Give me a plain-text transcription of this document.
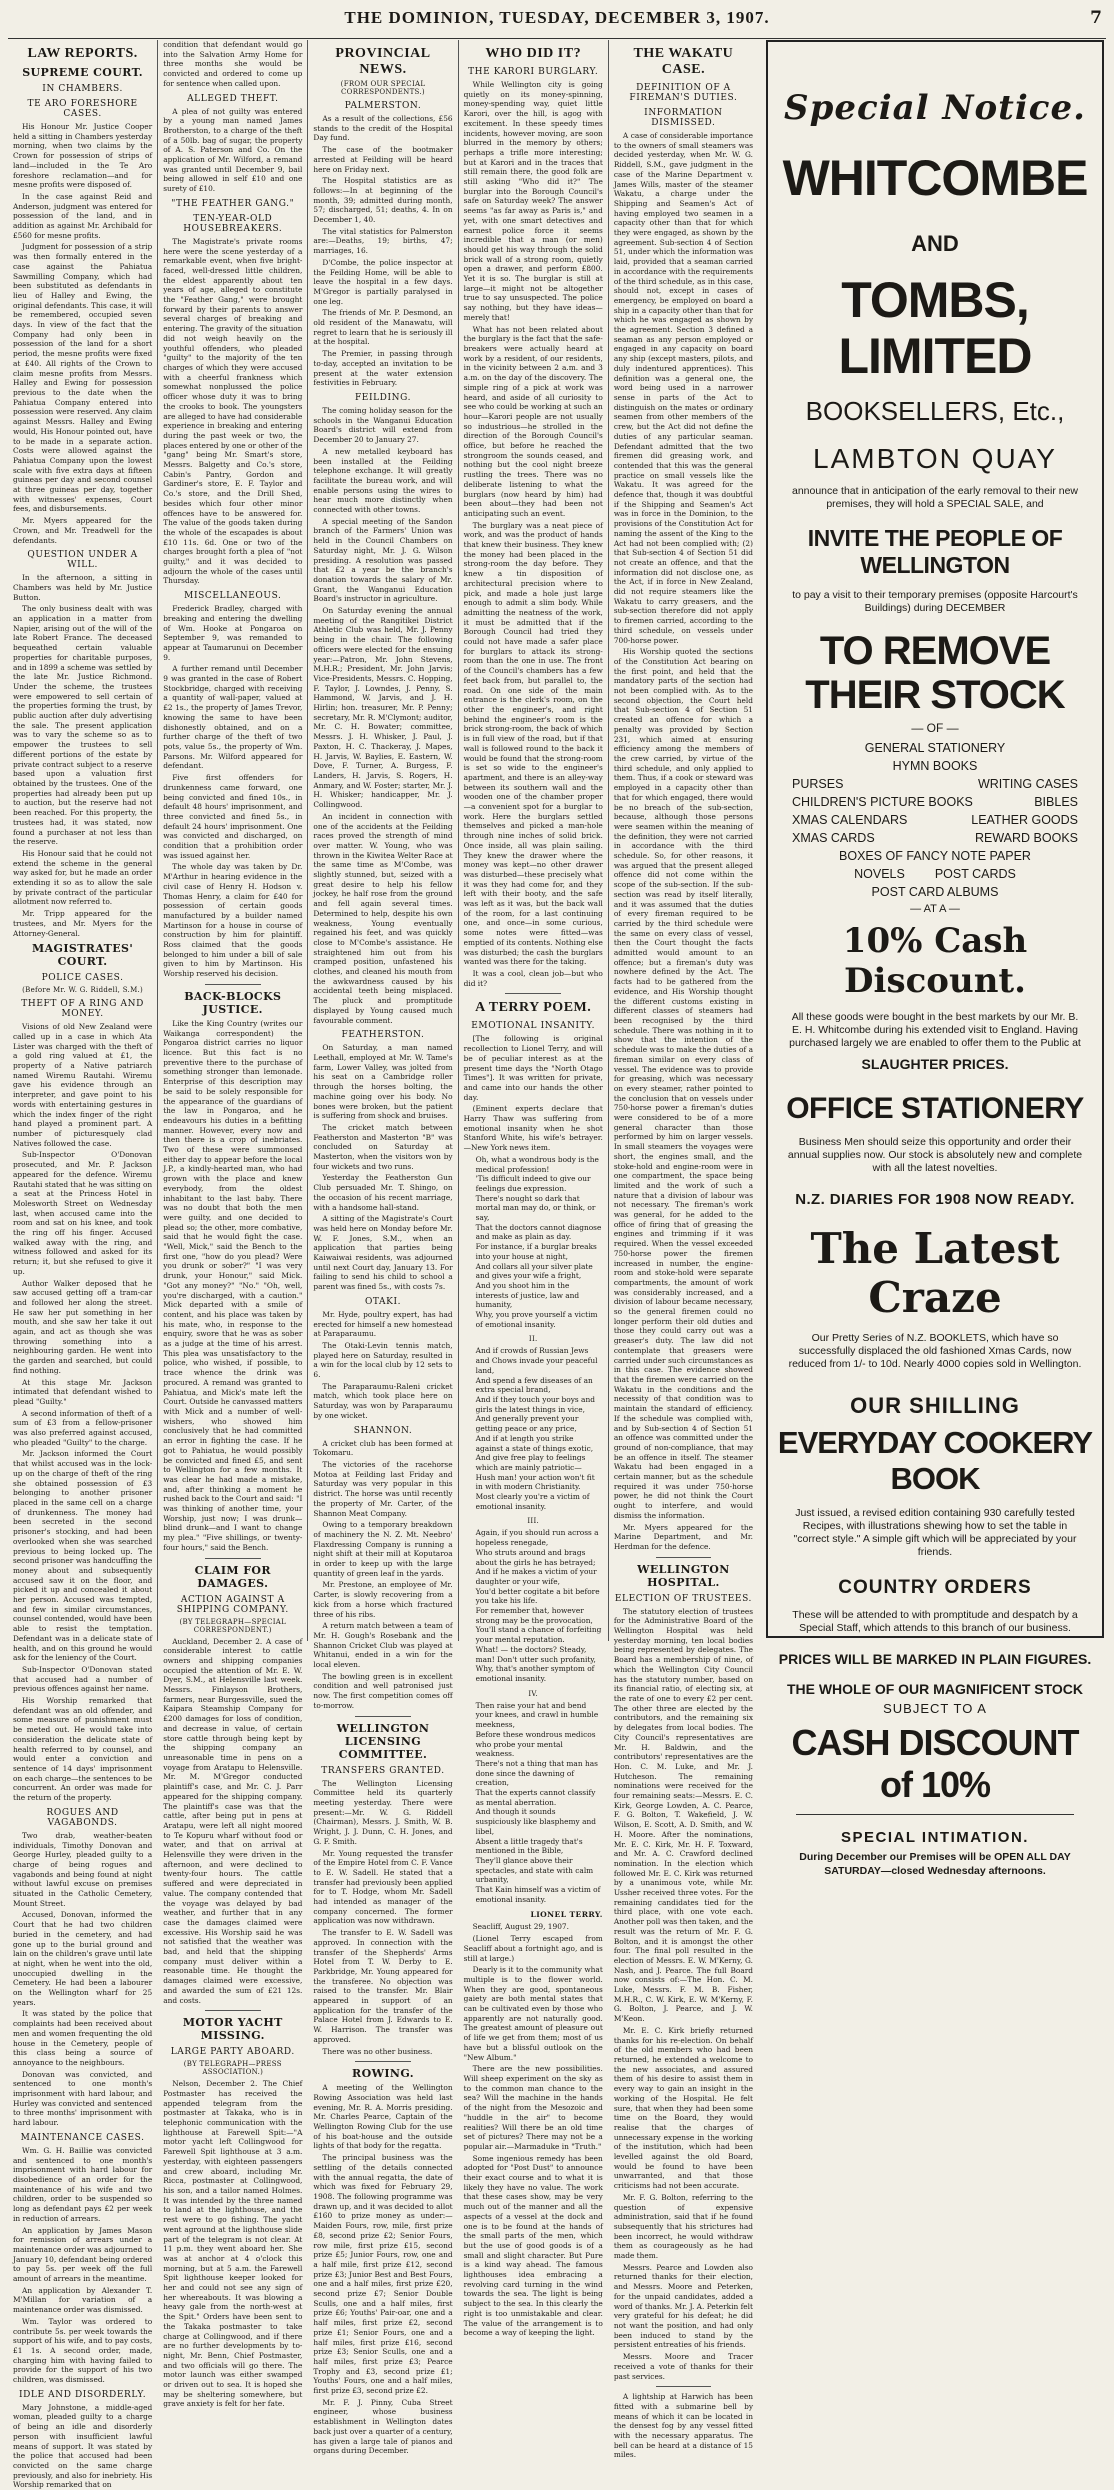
THE DOMINION, TUESDAY, DECEMBER 3, 1907.	7
LAW REPORTS.
SUPREME COURT.
IN CHAMBERS.
TE ARO FORESHORE CASES.

His Honour Mr. Justice Cooper held a sitting in Chambers yesterday morning, when two claims by the Crown for possession of strips of land—included in the Te Aro foreshore reclamation—and for mesne profits were disposed of.

In the case against Reid and Anderson, judgment was entered for possession of the land, and in addition as against Mr. Archibald for £560 for mesne profits.

Judgment for possession of a strip was then formally entered in the case against the Pahiatua Sawmilling Company, which had been substituted as defendants in lieu of Halley and Ewing, the original defendants. This case, it will be remembered, occupied seven days. In view of the fact that the Company had only been in possession of the land for a short period, the mesne profits were fixed at £40. All rights of the Crown to claim mesne profits from Messrs. Halley and Ewing for possession previous to the date when the Pahiatua Company entered into possession were reserved. Any claim against Messrs. Halley and Ewing would, His Honour pointed out, have to be made in a separate action. Costs were allowed against the Pahiatua Company upon the lowest scale with five extra days at fifteen guineas per day and second counsel at three guineas per day, together with witnesses' expenses, Court fees, and disbursements.

Mr. Myers appeared for the Crown, and Mr. Treadwell for the defendants.

QUESTION UNDER A WILL.

In the afternoon, a sitting in Chambers was held by Mr. Justice Button.

The only business dealt with was an application in a matter from Napier, arising out of the will of the late Robert France. The deceased bequeathed certain valuable properties for charitable purposes, and in 1899 a scheme was settled by the late Mr. Justice Richmond. Under the scheme, the trustees were empowered to sell certain of the properties forming the trust, by public auction after duly advertising the sale. The present application was to vary the scheme so as to empower the trustees to sell different portions of the estate by private contract subject to a reserve based upon a valuation first obtained by the trustees. One of the properties had already been put up to auction, but the reserve had not been reached. For this property, the trustees had, it was stated, now found a purchaser at not less than the reserve.

His Honour said that he could not extend the scheme in the general way asked for, but he made an order extending it so as to allow the sale by private contract of the particular allotment now referred to.

Mr. Tripp appeared for the trustees, and Mr. Myers for the Attorney-General.

MAGISTRATES' COURT.
POLICE CASES.
(Before Mr. W. G. Riddell, S.M.)
THEFT OF A RING AND MONEY.

Visions of old New Zealand were called up in a case in which Ata Lister was charged with the theft of a gold ring valued at £1, the property of a Native patriarch named Wiremu Rautahi. Wiremu gave his evidence through an interpreter, and gave point to his words with entertaining gestures in which the index finger of the right hand played a prominent part. A number of picturesquely clad Natives followed the case.

Sub-Inspector O'Donovan prosecuted, and Mr. P. Jackson appeared for the defence. Wiremu Rautahi stated that he was sitting on a seat at the Princess Hotel in Molesworth Street on Wednesday last, when accused came into the room and sat on his knee, and took the ring off his finger. Accused walked away with the ring, and witness followed and asked for its return; it, but she refused to give it up.

Author Walker deposed that he saw accused getting off a tram-car and followed her along the street. He saw her put something in her mouth, and she saw her take it out again, and act as though she was throwing something into a neighbouring garden. He went into the garden and searched, but could find nothing.

At this stage Mr. Jackson intimated that defendant wished to plead "Guilty."

A second information of theft of a sum of £3 from a fellow-prisoner was also preferred against accused, who pleaded "Guilty" to the charge.

Mr. Jackson informed the Court that whilst accused was in the lock-up on the charge of theft of the ring she obtained possession of £3 belonging to another prisoner placed in the same cell on a charge of drunkenness. The money had been secreted in the second prisoner's stocking, and had been overlooked when she was searched previous to being locked up. The second prisoner was handcuffing the money about and subsequently accused saw it on the floor, and picked it up and concealed it about her person. Accused was tempted, and few in similar circumstances, counsel contended, would have been able to resist the temptation. Defendant was in a delicate state of health, and on this ground he would ask for the leniency of the Court.

Sub-Inspector O'Donovan stated that accused had a number of previous offences against her name.

His Worship remarked that defendant was an old offender, and some measure of punishment must be meted out. He would take into consideration the delicate state of health referred to by counsel, and would enter a conviction and sentence of 14 days' imprisonment on each charge—the sentences to be concurrent. An order was made for the return of the property.

ROGUES AND VAGABONDS.

Two drab, weather-beaten individuals, Timothy Donovan and George Hurley, pleaded guilty to a charge of being rogues and vagabonds and being found at night without lawful excuse on premises situated in the Catholic Cemetery, Mount Street.

Accused, Donovan, informed the Court that he had two children buried in the cemetery, and had gone up to the burial ground and lain on the children's grave until late at night, when he went into the old, unoccupied dwelling in the Cemetery. He had been a labourer on the Wellington wharf for 25 years.

It was stated by the police that complaints had been received about men and women frequenting the old house in the Cemetery, people of this class being a source of annoyance to the neighbours.

Donovan was convicted, and sentenced to one month's imprisonment with hard labour, and Hurley was convicted and sentenced to three months' imprisonment with hard labour.

MAINTENANCE CASES.

Wm. G. H. Baillie was convicted and sentenced to one month's imprisonment with hard labour for disobedience of an order for the maintenance of his wife and two children, order to be suspended so long as defendant pays £2 per week in reduction of arrears.

An application by James Mason for remission of arrears under a maintenance order was adjourned to January 10, defendant being ordered to pay 5s. per week off the full amount of arrears in the meantime.

An application by Alexander T. M'Millan for variation of a maintenance order was dismissed.

Wm. Taylor was ordered to contribute 5s. per week towards the support of his wife, and to pay costs, £1 1s. A second order, made, charging him with having failed to provide for the support of his two children, was dismissed.

IDLE AND DISORDERLY.

Mary Johnstone, a middle-aged woman, pleaded guilty to a charge of being an idle and disorderly person with insufficient lawful means of support. It was stated by the police that accused had been convicted on the same charge previously, and also for inebriety. His Worship remarked that on

condition that defendant would go into the Salvation Army Home for three months she would be convicted and ordered to come up for sentence when called upon.

ALLEGED THEFT.

A plea of not guilty was entered by a young man named James Brotherston, to a charge of the theft of a 50lb. bag of sugar, the property of A. S. Paterson and Co. On the application of Mr. Wilford, a remand was granted until December 9, bail being allowed in self £10 and one surety of £10.

"THE FEATHER GANG."
TEN-YEAR-OLD HOUSEBREAKERS.

The Magistrate's private rooms here were the scene yesterday of a remarkable event, when five bright-faced, well-dressed little children, the eldest apparently about ten years of age, alleged to constitute the "Feather Gang," were brought forward by their parents to answer several charges of breaking and entering. The gravity of the situation did not weigh heavily on the youthful offenders, who pleaded "guilty" to the majority of the ten charges of which they were accused with a cheerful frankness which somewhat nonplussed the police officer whose duty it was to bring the crooks to book. The youngsters are alleged to have had considerable experience in breaking and entering during the past week or two, the places entered by one or other of the "gang" being Mr. Smart's store, Messrs. Balgetty and Co.'s store, Cabin's Pantry, Gordon and Gardiner's store, E. F. Taylor and Co.'s store, and the Drill Shed, besides which four other minor offences have to be answered for. The value of the goods taken during the whole of the escapades is about £10 11s. 6d. One or two of the charges brought forth a plea of "not guilty," and it was decided to adjourn the whole of the cases until Thursday.

MISCELLANEOUS.

Frederick Bradley, charged with breaking and entering the dwelling of Wm. Hooke at Pongaroa on September 9, was remanded to appear at Taumarunui on December 9.

A further remand until December 9 was granted in the case of Robert Stockbridge, charged with receiving a quantity of wall-paper, valued at £2 1s., the property of James Trevor, knowing the same to have been dishonestly obtained, and on a further charge of the theft of two pots, value 5s., the property of Wm. Parsons. Mr. Wilford appeared for defendant.

Five first offenders for drunkenness came forward, one being convicted and fined 10s., in default 48 hours' imprisonment, and three convicted and fined 5s., in default 24 hours' imprisonment. One was convicted and discharged, on condition that a prohibition order was issued against her.

The whole day was taken by Dr. M'Arthur in hearing evidence in the civil case of Henry H. Hodson v. Thomas Henry, a claim for £40 for possession of certain goods manufactured by a builder named Martinson for a house in course of construction by him for plaintiff. Ross claimed that the goods belonged to him under a bill of sale given to him by Martinson. His Worship reserved his decision.

BACK-BLOCKS JUSTICE.

Like the King Country (writes our Waikanga correspondent) the Pongaroa district carries no liquor licence. But this fact is no preventive there to the purchase of something stronger than lemonade. Enterprise of this description may be said to be solely responsible for the appearance of the guardians of the law in Pongaroa, and he endeavours his duties in a befitting manner. However, every now and then there is a crop of inebriates. Two of these were summonsed either day to appear before the local J.P., a kindly-hearted man, who had grown with the place and knew everybody, from the oldest inhabitant to the last baby. There was no doubt that both the men were guilty, and one decided to plead so; the other, more combative, said that he would fight the case. "Well, Mick," said the Bench to the first one, "how do you plead? Were you drunk or sober?" "I was very drunk, your Honour," said Mick. "Got any money?" "No." "Oh, well, you're discharged, with a caution." Mick departed with a smile of content, and his place was taken by his mate, who, in response to the enquiry, swore that he was as sober as a judge at the time of his arrest. This plea was unsatisfactory to the police, who wished, if possible, to trace whence the drink was procured. A remand was granted to Pahiatua, and Mick's mate left the Court. Outside he canvassed matters with Mick and a number of well-wishers, who showed him conclusively that he had committed an error in fighting the case. If he got to Pahiatua, he would possibly be convicted and fined £5, and sent to Wellington for a few months. It was clear he had made a mistake, and, after thinking a moment he rushed back to the Court and said: "I was thinking of another time, your Worship, just now; I was drunk—blind drunk—and I want to change my plea." "Five shillings, or twenty-four hours," said the Bench.

CLAIM FOR DAMAGES.
ACTION AGAINST A SHIPPING COMPANY.
(BY TELEGRAPH—SPECIAL CORRESPONDENT.)

Auckland, December 2. A case of considerable interest to cattle owners and shipping companies occupied the attention of Mr. E. W. Dyer, S.M., at Helensville last week. Messrs. Finlayson Brothers, farmers, near Burgessville, sued the Kaipara Steamship Company for £200 damages for loss of condition, and decrease in value, of certain store cattle through being kept by the shipping company an unreasonable time in pens on a voyage from Aratapu to Helensville. Mr. M. M'Gregor conducted plaintiff's case, and Mr. C. J. Parr appeared for the shipping company. The plaintiff's case was that the cattle, after being put in pens at Aratapu, were left all night moored to Te Kopuru wharf without food or water, and that on arrival at Helensville they were driven in the afternoon, and were declined to twenty-four hours. The cattle suffered and were depreciated in value. The company contended that the voyage was delayed by bad weather, and further that in any case the damages claimed were excessive. His Worship said he was not satisfied that the weather was bad, and held that the shipping company must deliver within a reasonable time. He thought the damages claimed were excessive, and awarded the sum of £21 12s. and costs.

MOTOR YACHT MISSING.
LARGE PARTY ABOARD.
(BY TELEGRAPH—PRESS ASSOCIATION.)

Nelson, December 2. The Chief Postmaster has received the appended telegram from the postmaster at Takaka, who is in telephonic communication with the lighthouse at Farewell Spit:—"A motor yacht left Collingwood for Farewell Spit lighthouse at 3 a.m. yesterday, with eighteen passengers and crew aboard, including Mr. Ricca, postmaster at Collingwood, his son, and a tailor named Holmes. It was intended by the three named to land at the lighthouse, and the rest were to go fishing. The yacht went aground at the lighthouse slide part of the telegram is not clear. At 11 p.m. they went aboard her. She was at anchor at 4 o'clock this morning, but at 5 a.m. the Farewell Spit lighthouse keeper looked for her and could not see any sign of her whereabouts. It was blowing a heavy gale from the north-west at the Spit." Orders have been sent to the Takaka postmaster to take charge at Collingwood, and if there are no further developments by to-night, Mr. Benn, Chief Postmaster, and two officials will go there. The motor launch was either swamped or driven out to sea. It is hoped she may be sheltering somewhere, but grave anxiety is felt for her fate.

PROVINCIAL NEWS.
(FROM OUR SPECIAL CORRESPONDENTS.)
PALMERSTON.

As a result of the collections, £56 stands to the credit of the Hospital Day fund.

The case of the bootmaker arrested at Feilding will be heard here on Friday next.

The Hospital statistics are as follows:—In at beginning of the month, 39; admitted during month, 57; discharged, 51; deaths, 4. In on December 1, 40.

The vital statistics for Palmerston are:—Deaths, 19; births, 47; marriages, 16.

D'Combe, the police inspector at the Feilding Home, will be able to leave the hospital in a few days. M'Gregor is partially paralysed in one leg.

The friends of Mr. P. Desmond, an old resident of the Manawatu, will regret to learn that he is seriously ill at the hospital.

The Premier, in passing through to-day, accepted an invitation to be present at the water extension festivities in February.

FEILDING.

The coming holiday season for the schools in the Wanganui Education Board's district will extend from December 20 to January 27.

A new metalled keyboard has been installed at the Feilding telephone exchange. It will greatly facilitate the bureau work, and will enable persons using the wires to hear much more distinctly when connected with other towns.

A special meeting of the Sandon branch of the Farmers' Union was held in the Council Chambers on Saturday night, Mr. J. G. Wilson presiding. A resolution was passed that £2 a year be the branch's donation towards the salary of Mr. Grant, the Wanganui Education Board's instructor in agriculture.

On Saturday evening the annual meeting of the Rangitikei District Athletic Club was held, Mr. J. Penny being in the chair. The following officers were elected for the ensuing year:—Patron, Mr. John Stevens, M.H.R.; President, Mr. John Jarvis; Vice-Presidents, Messrs. C. Hopping, F. Taylor, J. Lowndes, J. Penny, S. Hammond, W. Jarvis, and J. H. Hirlin; hon. treasurer, Mr. P. Penny; secretary, Mr. R. M'Clymont; auditor, Mr. C. H. Bowater; committee, Messrs. J. H. Whisker, J. Paul, J. Paxton, H. C. Thackeray, J. Mapes, H. Jarvis, W. Baylies, E. Eastern, W. Dove, F. Turner, A. Burgess, F. Landers, H. Jarvis, S. Rogers, H. Anmary, and W. Foster; starter, Mr. J. H. Whisker; handicapper, Mr. J. Collingwood.

An incident in connection with one of the accidents at the Feilding races proved the strength of mind over matter. W. Young, who was thrown in the Kiwitea Welter Race at the same time as M'Combe, was slightly stunned, but, seized with a great desire to help his fellow jockey, he half rose from the ground and fell again several times. Determined to help, despite his own weakness, Young eventually regained his feet, and was quickly close to M'Combe's assistance. He straightened him out from his cramped position, unfastened his clothes, and cleaned his mouth from the awkwardness caused by his accidental teeth being misplaced. The pluck and promptitude displayed by Young caused much favourable comment.

FEATHERSTON.

On Saturday, a man named Leethall, employed at Mr. W. Tame's farm, Lower Valley, was jolted from his seat on a Cambridge roller through the horses bolting, the machine going over his body. No bones were broken, but the patient is suffering from shock and bruises.

The cricket match between Featherston and Masterton "B" was concluded on Saturday at Masterton, when the visitors won by four wickets and two runs.

Yesterday the Featherston Gun Club persuaded Mr. T. Shingo, on the occasion of his recent marriage, with a handsome hall-stand.

A sitting of the Magistrate's Court was held here on Monday before Mr. W. F. Jones, S.M., when an application that parties being Kaiwaiwai residents, was adjourned until next Court day, January 13. For failing to send his child to school a parent was fined 5s., with costs 7s.

OTAKI.

Mr. Hyde, poultry expert, has had erected for himself a new homestead at Paraparaumu.

The Otaki-Levin tennis match, played here on Saturday, resulted in a win for the local club by 12 sets to 6.

The Paraparaumu-Raleni cricket match, which took place here on Saturday, was won by Paraparaumu by one wicket.

SHANNON.

A cricket club has been formed at Tokomaru.

The victories of the racehorse Motoa at Feilding last Friday and Saturday was very popular in this district. The horse was until recently the property of Mr. Carter, of the Shannon Meat Company.

Owing to a temporary breakdown of machinery the N. Z. Mt. Neebro' Flaxdressing Company is running a night shift at their mill at Koputaroa in order to keep up with the large quantity of green leaf in the yards.

Mr. Prestone, an employee of Mr. Carter, is slowly recovering from a kick from a horse which fractured three of his ribs.

A return match between a team of Mr. H. Gough's Rosebank and the Shannon Cricket Club was played at Whitanui, ended in a win for the local eleven.

The bowling green is in excellent condition and well patronised just now. The first competition comes off to-morrow.

WELLINGTON LICENSING COMMITTEE.
TRANSFERS GRANTED.

The Wellington Licensing Committee held its quarterly meeting yesterday. There were present:—Mr. W. G. Riddell (Chairman), Messrs. J. Smith, W. B. Wright, J. J. Dunn, C. H. Jones, and G. F. Smith.

Mr. Young requested the transfer of the Empire Hotel from C. F. Vance to E. W. Sadell. He stated that a transfer had previously been applied for to T. Hodge, whom Mr. Sadell had intended as manager of the company concerned. The former application was now withdrawn.

The transfer to E. W. Sadell was approved. In connection with the transfer of the Shepherds' Arms Hotel from T. W. Derby to E. Parkbridge, Mr. Young appeared for the transferee. No objection was raised to the transfer. Mr. Blair appeared in support of an application for the transfer of the Palace Hotel from J. Edwards to E. W. Harrison. The transfer was approved.

There was no other business.

ROWING.

A meeting of the Wellington Rowing Association was held last evening, Mr. R. A. Morris presiding. Mr. Charles Pearce, Captain of the Wellington Rowing Club for the use of his boat-house and the outside lights of that body for the regatta.

The principal business was the settling of the details connected with the annual regatta, the date of which was fixed for February 29, 1908. The following programme was drawn up, and it was decided to allot £160 to prize money as under:—Maiden Fours, row, mile, first prize £8, second prize £2; Senior Fours, row mile, first prize £15, second prize £5; Junior Fours, row, one and a half mile, first prize £12, second prize £3; Junior Best and Best Fours, one and a half miles, first prize £20, second prize £7; Senior Double Sculls, one and a half miles, first prize £6; Youths' Pair-oar, one and a half miles, first prize £2, second prize £1; Senior Fours, one and a half miles, first prize £16, second prize £3; Senior Sculls, one and a half miles, first prize £3; Pearce Trophy and £3, second prize £1; Youths' Fours, one and a half miles, first prize £3, second prize £2.

Mr. F. J. Pinny, Cuba Street engineer, whose business establishment in Wellington dates back just over a quarter of a century, has given a large tale of pianos and organs during December.

WHO DID IT?
THE KARORI BURGLARY.

While Wellington city is going quietly on its money-spinning, money-spending way, quiet little Karori, over the hill, is agog with excitement. In these speedy times incidents, however moving, are soon blurred in the memory by others; perhaps a trifle more interesting; but at Karori and in the traces that still remain there, the good folk are still asking "Who did it?" The burglar into the Borough Council's safe on Saturday week? The answer seems "as far away as Paris is," and yet, with one smart detectives and earnest police force it seems incredible that a man (or men) should get his way through the solid brick wall of a strong room, quietly open a drawer, and perform £800. Yet it is so. The burglar is still at large—it might not be altogether true to say unsuspected. The police say nothing, but they have ideas—merely that!

What has not been related about the burglary is the fact that the safe-breakers were actually heard at work by a resident, of our residents, in the vicinity between 2 a.m. and 3 a.m. on the day of the discovery. The simple ring of a pick at work was heard, and aside of all curiosity to see who could be working at such an hour—Karori people are not usually so industrious—he strolled in the direction of the Borough Council's office, but before he reached the strongroom the sounds ceased, and nothing but the cool night breeze rustling the trees. There was no deliberate listening to what the burglars (now heard by him) had been about—they had been not anticipating such an event.

The burglary was a neat piece of work, and was the product of hands that knew their business. They knew the money had been placed in the strong-room the day before. They knew a tin disposition of architectural precision where to pick, and made a hole just large enough to admit a slim body. While admitting the neatness of the work, it must be admitted that if the Borough Council had tried they could not have made a safer place for burglars to attack its strong-room than the one in use. The front of the Council's chambers has a few feet back from, but parallel to, the road. On one side of the main entrance is the clerk's room, on the other the engineer's, and right behind the engineer's room is the brick strong-room, the back of which is in full view of the road, but if that wall is followed round to the back it would be found that the strong-room is set so wide to the engineer's apartment, and there is an alley-way between its southern wall and the wooden one of the chamber proper—a convenient spot for a burglar to work. Here the burglars settled themselves and picked a man-hole through nine inches of solid brick. Once inside, all was plain sailing. They knew the drawer where the money was kept—no other drawer was disturbed—these precisely what it was they had come for, and they left with their booty, and the safe was left as it was, but the back wall of the room, for a last continuing one, and once—in some curious, some notes were fitted—was emptied of its contents. Nothing else was disturbed; the cash the burglars wanted was there for the taking.

It was a cool, clean job—but who did it?

A TERRY POEM.
EMOTIONAL INSANITY.

[The following is original recollection to Lionel Terry, and will be of peculiar interest as at the present time days the "North Otago Times"]. It was written for private, and came into our hands the other day.

(Eminent experts declare that Harry Thaw was suffering from emotional insanity when he shot Stanford White, his wife's betrayer.—New York news item.

Oh, what a wondrous body is the medical profession!
'Tis difficult indeed to give our feelings due expression.
There's nought so dark that mortal man may do, or think, or say,
That the doctors cannot diagnose and make as plain as day.
For instance, if a burglar breaks into your house at night,
And collars all your silver plate and gives your wife a fright,
And you shoot him in the interests of justice, law and humanity,
Why, you prove yourself a victim of emotional insanity.
II.
And if crowds of Russian Jews and Chows invade your peaceful land,
And spend a few diseases of an extra special brand,
And if they touch your boys and girls the latest things in vice,
And generally prevent your getting peace or any price,
And if at length you strike against a state of things exotic,
And give free play to feelings which are mainly patriotic—
Hush man! your action won't fit in with modern Christianity.
Most clearly you're a victim of emotional insanity.
III.
Again, if you should run across a hopeless renegade,
Who struts around and brags about the girls he has betrayed;
And if he makes a victim of your daughter or your wife,
You'd better cogitate a bit before you take his life.
For remember that, however strong may be the provocation,
You'll stand a chance of forfeiting your mental reputation.
What! — the doctors? Steady, man! Don't utter such profanity,
Why, that's another symptom of emotional insanity.
IV.
Then raise your hat and bend your knees, and crawl in humble meekness,
Before these wondrous medicos who probe your mental weakness.
There's not a thing that man has done since the dawning of creation,
That the experts cannot classify as mental aberration.
And though it sounds suspiciously like blasphemy and libel,
Absent a little tragedy that's mentioned in the Bible,
They'll glance above their spectacles, and state with calm urbanity,
That Kain himself was a victim of emotional insanity.
LIONEL TERRY.

Seacliff, August 29, 1907.

(Lionel Terry escaped from Seacliff about a fortnight ago, and is still at large.)

Dearly is it to the community what multiple is to the flower world. When they are good, spontaneous gaiety are both mental states that can be cultivated even by those who apparently are not naturally good. The greatest amount of pleasure out of life we get from them; most of us have but a blissful outlook on the "New Album."

There are the new possibilities. Will sheep experiment on the sky as to the common man chance to the sea? Will the machine in the hands of the night from the Mesozoic and "huddle in the air" to become realities? Will there be an old time set of pictures? There may not be a popular air.—Marmaduke in "Truth."

Some ingenious remedy has been adopted for "Post Dust" to announce their exact course and to what it is likely they have no value. The work that these cases show, may be very much out of the manner and all the aspects of a vessel at the dock and one is to be found at the hands of the small parts of the men, which but the use of good goods is of a small and slight character. But Pure is a kind way ahead. The famous lighthouses idea embracing a revolving card turning in the wind towards the sea. The light is being subject to the sea. In this clearly the right is too unmistakable and clear. The value of the arrangement is to become a way of keeping the light.

THE WAKATU CASE.
DEFINITION OF A FIREMAN'S DUTIES.
INFORMATION DISMISSED.

A case of considerable importance to the owners of small steamers was decided yesterday, when Mr. W. G. Riddell, S.M., gave judgment in the case of the Marine Department v. James Wills, master of the steamer Wakatu, a charge under the Shipping and Seamen's Act of having employed two seamen in a capacity other than that for which they were engaged, as shown by the agreement. Sub-section 4 of Section 51, under which the information was laid, provided that a seaman carried in accordance with the requirements of the third schedule, as in this case, should not, except in cases of emergency, be employed on board a ship in a capacity other than that for which he was engaged as shown by the agreement. Section 3 defined a seaman as any person employed or engaged in any capacity on board any ship (except masters, pilots, and duly indentured apprentices). This definition was a general one, the word being used in a narrower sense in parts of the Act to distinguish on the mates or ordinary seamen from other members of the crew, but the Act did not define the duties of any particular seaman. Defendant admitted that the two firemen did greasing work, and contended that this was the general practice on small vessels like the Wakatu. It was agreed for the defence that, though it was doubtful if the Shipping and Seamen's Act was in force in the Dominion, to the provisions of the Constitution Act for naming the assent of the King to the Act had not been complied with; (2) that Sub-section 4 of Section 51 did not create an offence, and that the information did not disclose one, as the Act, if in force in New Zealand, did not require steamers like the Wakatu to carry greasers, and the sub-section therefore did not apply to firemen carried, according to the third schedule, on vessels under 700-horse power.

His Worship quoted the sections of the Constitution Act bearing on the first point, and held that the mandatory parts of the section had not been complied with. As to the second objection, the Court held that Sub-section 4 of Section 51 created an offence for which a penalty was provided by Section 231, which aimed at ensuring efficiency among the members of the crew carried, by virtue of the third schedule, and only applied to them. Thus, if a cook or steward was employed in a capacity other than that for which engaged, there would be no breach of the sub-section, because, although those persons were seamen within the meaning of the definition, they were not carried in accordance with the third schedule. So, for other reasons, it was argued that the present alleged offence did not come within the scope of the sub-section. If the sub-section was read by itself literally, and it was assumed that the duties of every fireman required to be carried by the third schedule were the same on every class of vessel, then the Court thought the facts admitted would amount to an offence; but a fireman's duty was nowhere defined by the Act. The facts had to be gathered from the evidence, and His Worship thought the different customs existing in different classes of steamers had been recognised by the third schedule. There was nothing in it to show that the intention of the schedule was to make the duties of a fireman similar on every class of vessel. The evidence was to provide for greasing, which was necessary on every steamer, rather pointed to the conclusion that on vessels under 750-horse power a fireman's duties were considered to be of a more general character than those performed by him on larger vessels. In small steamers the voyages were short, the engines small, and the stoke-hold and engine-room were in one compartment, the space being limited and the work of such a nature that a division of labour was not necessary. The fireman's work was general, for he added to the office of firing that of greasing the engines and trimming if it was required. When the vessel exceeded 750-horse power the firemen increased in number, the engine-room and stoke-hold were separate compartments, the amount of work was considerably increased, and a division of labour became necessary, so the general firemen could no longer perform their old duties and those they could carry out was a greaser's duty. The law did not contemplate that greasers were carried under such circumstances as in this case. The evidence showed that the firemen were carried on the Wakatu in the conditions and the necessity of that condition was to maintain the standard of efficiency. If the schedule was complied with, and by Sub-section 4 of Section 51 an offence was committed under the ground of non-compliance, that may be an offence in itself. The steamer Wakatu had been engaged in a certain manner, but as the schedule required it was under 750-horse power, he did not think the Court ought to interfere, and would dismiss the information.

Mr. Myers appeared for the Marine Department, and Mr. Herdman for the defence.

WELLINGTON HOSPITAL.
ELECTION OF TRUSTEES.

The statutory election of trustees for the Administrative Board of the Wellington Hospital was held yesterday morning, ten local bodies being represented by delegates. The Board has a membership of nine, of which the Wellington City Council has the statutory number, based on its financial ratio, of electing six, at the rate of one to every £2 per cent. The other three are elected by the contributors, and the remaining six by delegates from local bodies. The City Council's representatives are Mr. H. Baldwin, and the contributors' representatives are the Hon. C. M. Luke, and Mr. J. Hutcheson. The remaining nominations were received for the four remaining seats:—Messrs. E. C. Kirk, George Lowden, A. C. Pearce, F. G. Bolton, T. Wakefield, J. W. Wilson, E. Scott, A. D. Smith, and W. H. Moore. After the nominations, Mr. E. C. Kirk, Mr. H. F. Toxward, and Mr. A. C. Crawford declined nomination. In the election which followed Mr. E. C. Kirk was returned by a unanimous vote, while Mr. Ussher received three votes. For the remaining candidates tied for the third place, with one vote each. Another poll was then taken, and the result was the return of Mr. F. G. Bolton, and it is amongst the other four. The final poll resulted in the election of Messrs. E. W. M'Kerny, G. Nash, and J. Pearce. The full Board now consists of:—The Hon. C. M. Luke, Messrs. F. M. B. Fisher, M.H.R., C. W. Kirk, E. W. M'Kerny, F. G. Bolton, J. Pearce, and J. W. M'Keon.

Mr. E. C. Kirk briefly returned thanks for his re-election. On behalf of the old members who had been returned, he extended a welcome to the new associates, and assured them of his desire to assist them in every way to gain an insight in the working of the Hospital. He felt sure, that when they had been some time on the Board, they would realise that the charges of unnecessary expense in the working of the institution, which had been levelled against the old Board, would be found to have been unwarranted, and that those criticisms had not been accurate.

Mr. F. G. Bolton, referring to the question of expensive administration, said that if he found subsequently that his strictures had been incorrect, he would withdraw them as courageously as he had made them.

Messrs. Pearce and Lowden also returned thanks for their election, and Messrs. Moore and Peterken, for the unpaid candidates, added a word of thanks. Mr. J. A. Peterkin felt very grateful for his defeat; he did not want the position, and had only been induced to stand by the persistent entreaties of his friends.

Messrs. Moore and Tracer received a vote of thanks for their past services.

A lightship at Harwich has been fitted with a submarine bell by means of which it can be located in the densest fog by any vessel fitted with the necessary apparatus. The bell can be heard at a distance of 15 miles.

Special Notice.
WHITCOMBE AND
TOMBS, LIMITED
BOOKSELLERS, Etc.,
LAMBTON QUAY

announce that in anticipation of the early removal to their new premises, they will hold a SPECIAL SALE, and

INVITE THE PEOPLE OF WELLINGTON

to pay a visit to their temporary premises (opposite Harcourt's Buildings) during DECEMBER

TO REMOVE THEIR STOCK
— OF —
GENERAL STATIONERY
HYMN BOOKS
PURSES	WRITING CASES
CHILDREN'S PICTURE BOOKS	BIBLES
XMAS CALENDARS	LEATHER GOODS
XMAS CARDS	REWARD BOOKS
BOXES OF FANCY NOTE PAPER
NOVELS POST CARDS
POST CARD ALBUMS
— AT A —
10% Cash Discount.

All these goods were bought in the best markets by our Mr. B. E. H. Whitcombe during his extended visit to England. Having purchased largely we are enabled to offer them to the Public at

SLAUGHTER PRICES.
OFFICE STATIONERY

Business Men should seize this opportunity and order their annual supplies now. Our stock is absolutely new and complete with all the latest novelties.

N.Z. DIARIES FOR 1908 NOW READY.
The Latest Craze

Our Pretty Series of N.Z. BOOKLETS, which have so successfully displaced the old fashioned Xmas Cards, now reduced from 1/- to 10d. Nearly 4000 copies sold in Wellington.

OUR SHILLING
EVERYDAY COOKERY BOOK

Just issued, a revised edition containing 930 carefully tested Recipes, with illustrations shewing how to set the table in "correct style." A simple gift which will be appreciated by your friends.

COUNTRY ORDERS

These will be attended to with promptitude and despatch by a Special Staff, which attends to this branch of our business.

PRICES WILL BE MARKED IN PLAIN FIGURES.
THE WHOLE OF OUR MAGNIFICENT STOCK
SUBJECT TO A
CASH DISCOUNT of 10%
SPECIAL INTIMATION.
During December our Premises will be OPEN ALL DAY SATURDAY—closed Wednesday afternoons.
